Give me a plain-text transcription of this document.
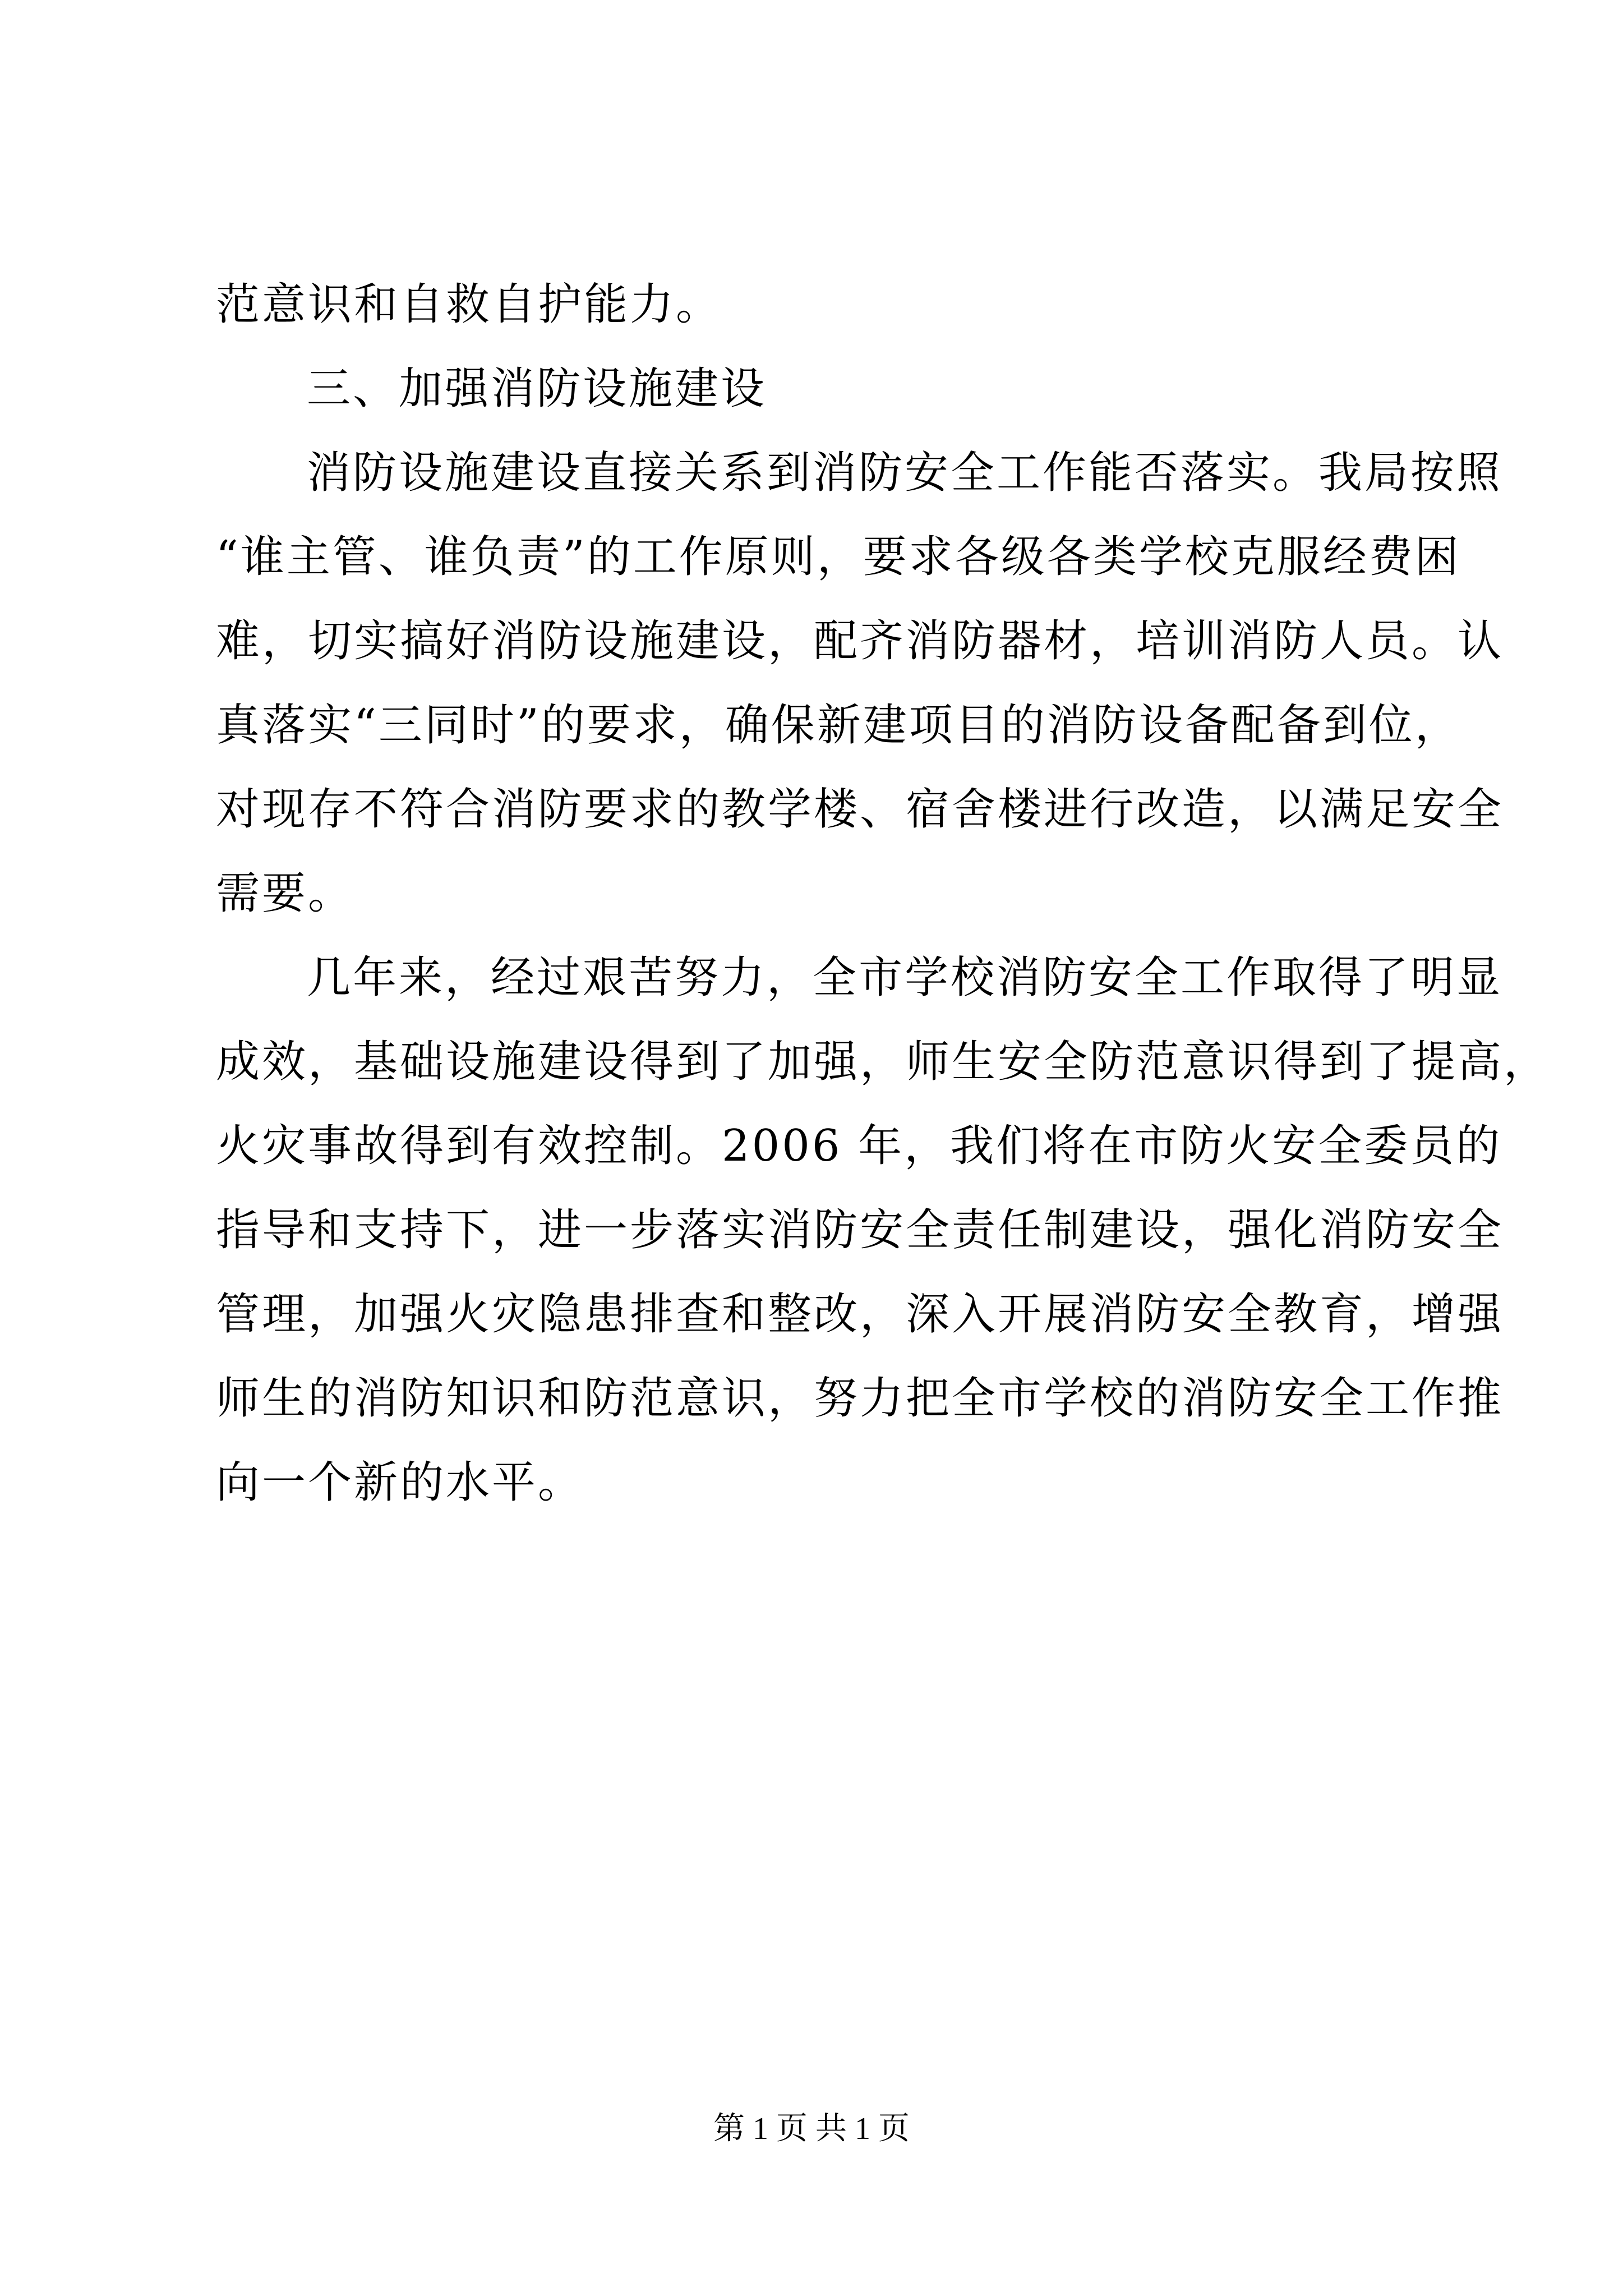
范意识和自救自护能力。
三、加强消防设施建设
消防设施建设直接关系到消防安全工作能否落实。我局按照
“谁主管、谁负责”的工作原则，要求各级各类学校克服经费困
难，切实搞好消防设施建设，配齐消防器材，培训消防人员。认
真落实“三同时”的要求，确保新建项目的消防设备配备到位，
对现存不符合消防要求的教学楼、宿舍楼进行改造，以满足安全
需要。
几年来，经过艰苦努力，全市学校消防安全工作取得了明显
成效，基础设施建设得到了加强，师生安全防范意识得到了提高，
火灾事故得到有效控制。2006 年，我们将在市防火安全委员的
指导和支持下，进一步落实消防安全责任制建设，强化消防安全
管理，加强火灾隐患排查和整改，深入开展消防安全教育，增强
师生的消防知识和防范意识，努力把全市学校的消防安全工作推
向一个新的水平。
第 1 页 共 1 页
